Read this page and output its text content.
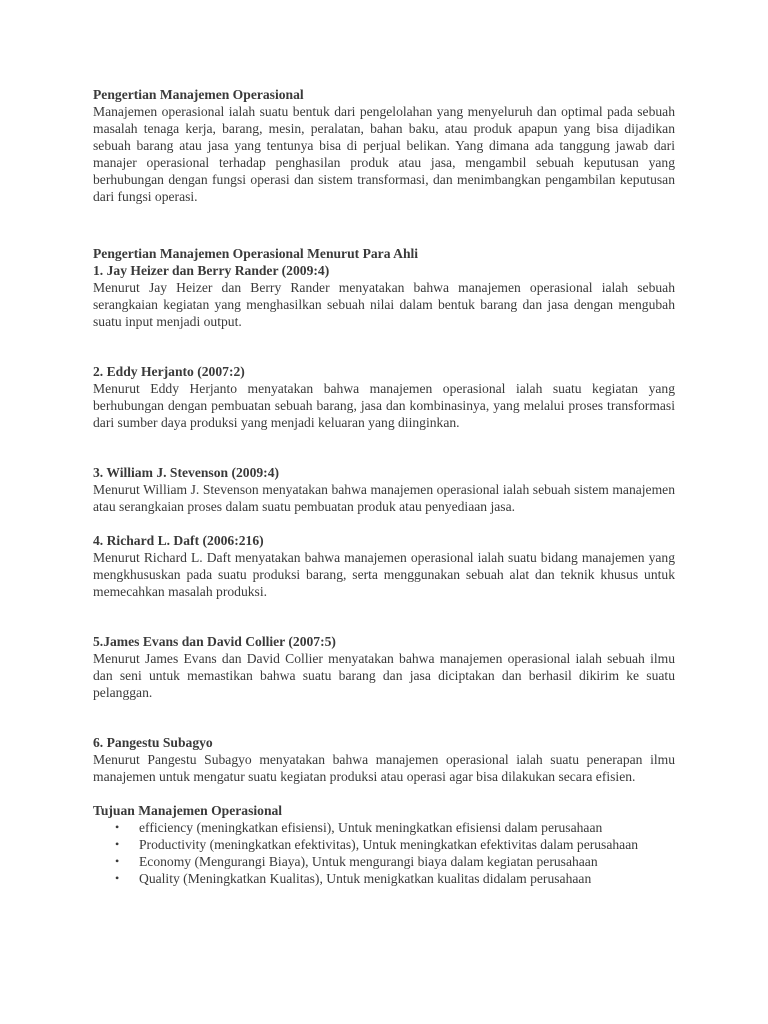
Pengertian Manajemen Operasional

Manajemen operasional ialah suatu bentuk dari pengelolahan yang menyeluruh dan optimal pada sebuah masalah tenaga kerja, barang, mesin, peralatan, bahan baku, atau produk apapun yang bisa dijadikan sebuah barang atau jasa yang tentunya bisa di perjual belikan. Yang dimana ada tanggung jawab dari manajer operasional terhadap penghasilan produk atau jasa, mengambil sebuah keputusan yang berhubungan dengan fungsi operasi dan sistem transformasi, dan menimbangkan pengambilan keputusan dari fungsi operasi.

Pengertian Manajemen Operasional Menurut Para Ahli

1. Jay Heizer dan Berry Rander (2009:4)

Menurut Jay Heizer dan Berry Rander menyatakan bahwa manajemen operasional ialah sebuah serangkaian kegiatan yang menghasilkan sebuah nilai dalam bentuk barang dan jasa dengan mengubah suatu input menjadi output.

2. Eddy Herjanto (2007:2)

Menurut Eddy Herjanto menyatakan bahwa manajemen operasional ialah suatu kegiatan yang berhubungan dengan pembuatan sebuah barang, jasa dan kombinasinya, yang melalui proses transformasi dari sumber daya produksi yang menjadi keluaran yang diinginkan.

3. William J. Stevenson (2009:4)

Menurut William J. Stevenson menyatakan bahwa manajemen operasional ialah sebuah sistem manajemen atau serangkaian proses dalam suatu pembuatan produk atau penyediaan jasa.

4. Richard L. Daft (2006:216)

Menurut Richard L. Daft menyatakan bahwa manajemen operasional ialah suatu bidang manajemen yang mengkhususkan pada suatu produksi barang, serta menggunakan sebuah alat dan teknik khusus untuk memecahkan masalah produksi.

5.James Evans dan David Collier (2007:5)

Menurut James Evans dan David Collier menyatakan bahwa manajemen operasional ialah sebuah ilmu dan seni untuk memastikan bahwa suatu barang dan jasa diciptakan dan berhasil dikirim ke suatu pelanggan.

6. Pangestu Subagyo

Menurut Pangestu Subagyo menyatakan bahwa manajemen operasional ialah suatu penerapan ilmu manajemen untuk mengatur suatu kegiatan produksi atau operasi agar bisa dilakukan secara efisien.

Tujuan Manajemen Operasional

• efficiency (meningkatkan efisiensi), Untuk meningkatkan efisiensi dalam perusahaan
• Productivity (meningkatkan efektivitas), Untuk meningkatkan efektivitas dalam perusahaan
• Economy (Mengurangi Biaya), Untuk mengurangi biaya dalam kegiatan perusahaan
• Quality (Meningkatkan Kualitas), Untuk menigkatkan kualitas didalam perusahaan
